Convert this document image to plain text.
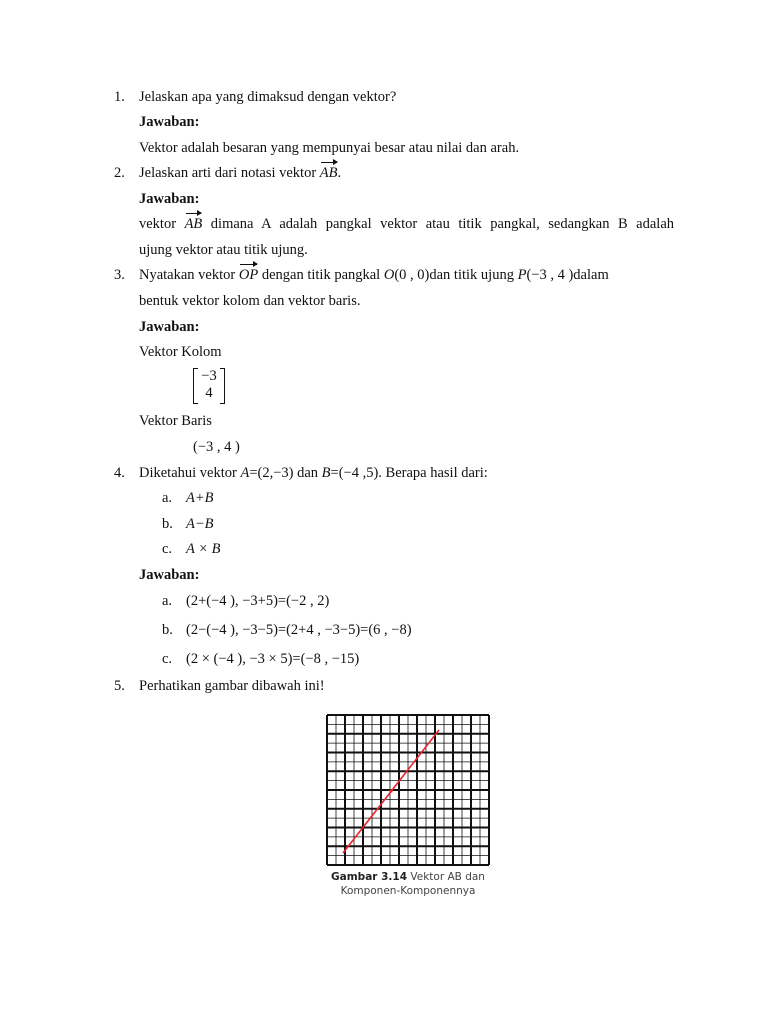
1. Jelaskan apa yang dimaksud dengan vektor?
Jawaban:
Vektor adalah besaran yang mempunyai besar atau nilai dan arah.
2. Jelaskan arti dari notasi vektor AB.
Jawaban:
vektor AB dimana A adalah pangkal vektor atau titik pangkal, sedangkan B adalah
ujung vektor atau titik ujung.
3. Nyatakan vektor OP dengan titik pangkal O(0 , 0)dan titik ujung P(−3 , 4 )dalam
bentuk vektor kolom dan vektor baris.
Jawaban:
Vektor Kolom
−3
4
Vektor Baris
(−3 , 4 )
4. Diketahui vektor A=(2,−3) dan B=(−4 ,5). Berapa hasil dari:
a. A+B
b. A−B
c. A × B
Jawaban:
a. (2+(−4 ), −3+5)=(−2 , 2)
b. (2−(−4 ), −3−5)=(2+4 , −3−5)=(6 , −8)
c. (2 × (−4 ), −3 × 5)=(−8 , −15)
5. Perhatikan gambar dibawah ini!
Gambar 3.14 Vektor AB dan
Komponen-Komponennya
